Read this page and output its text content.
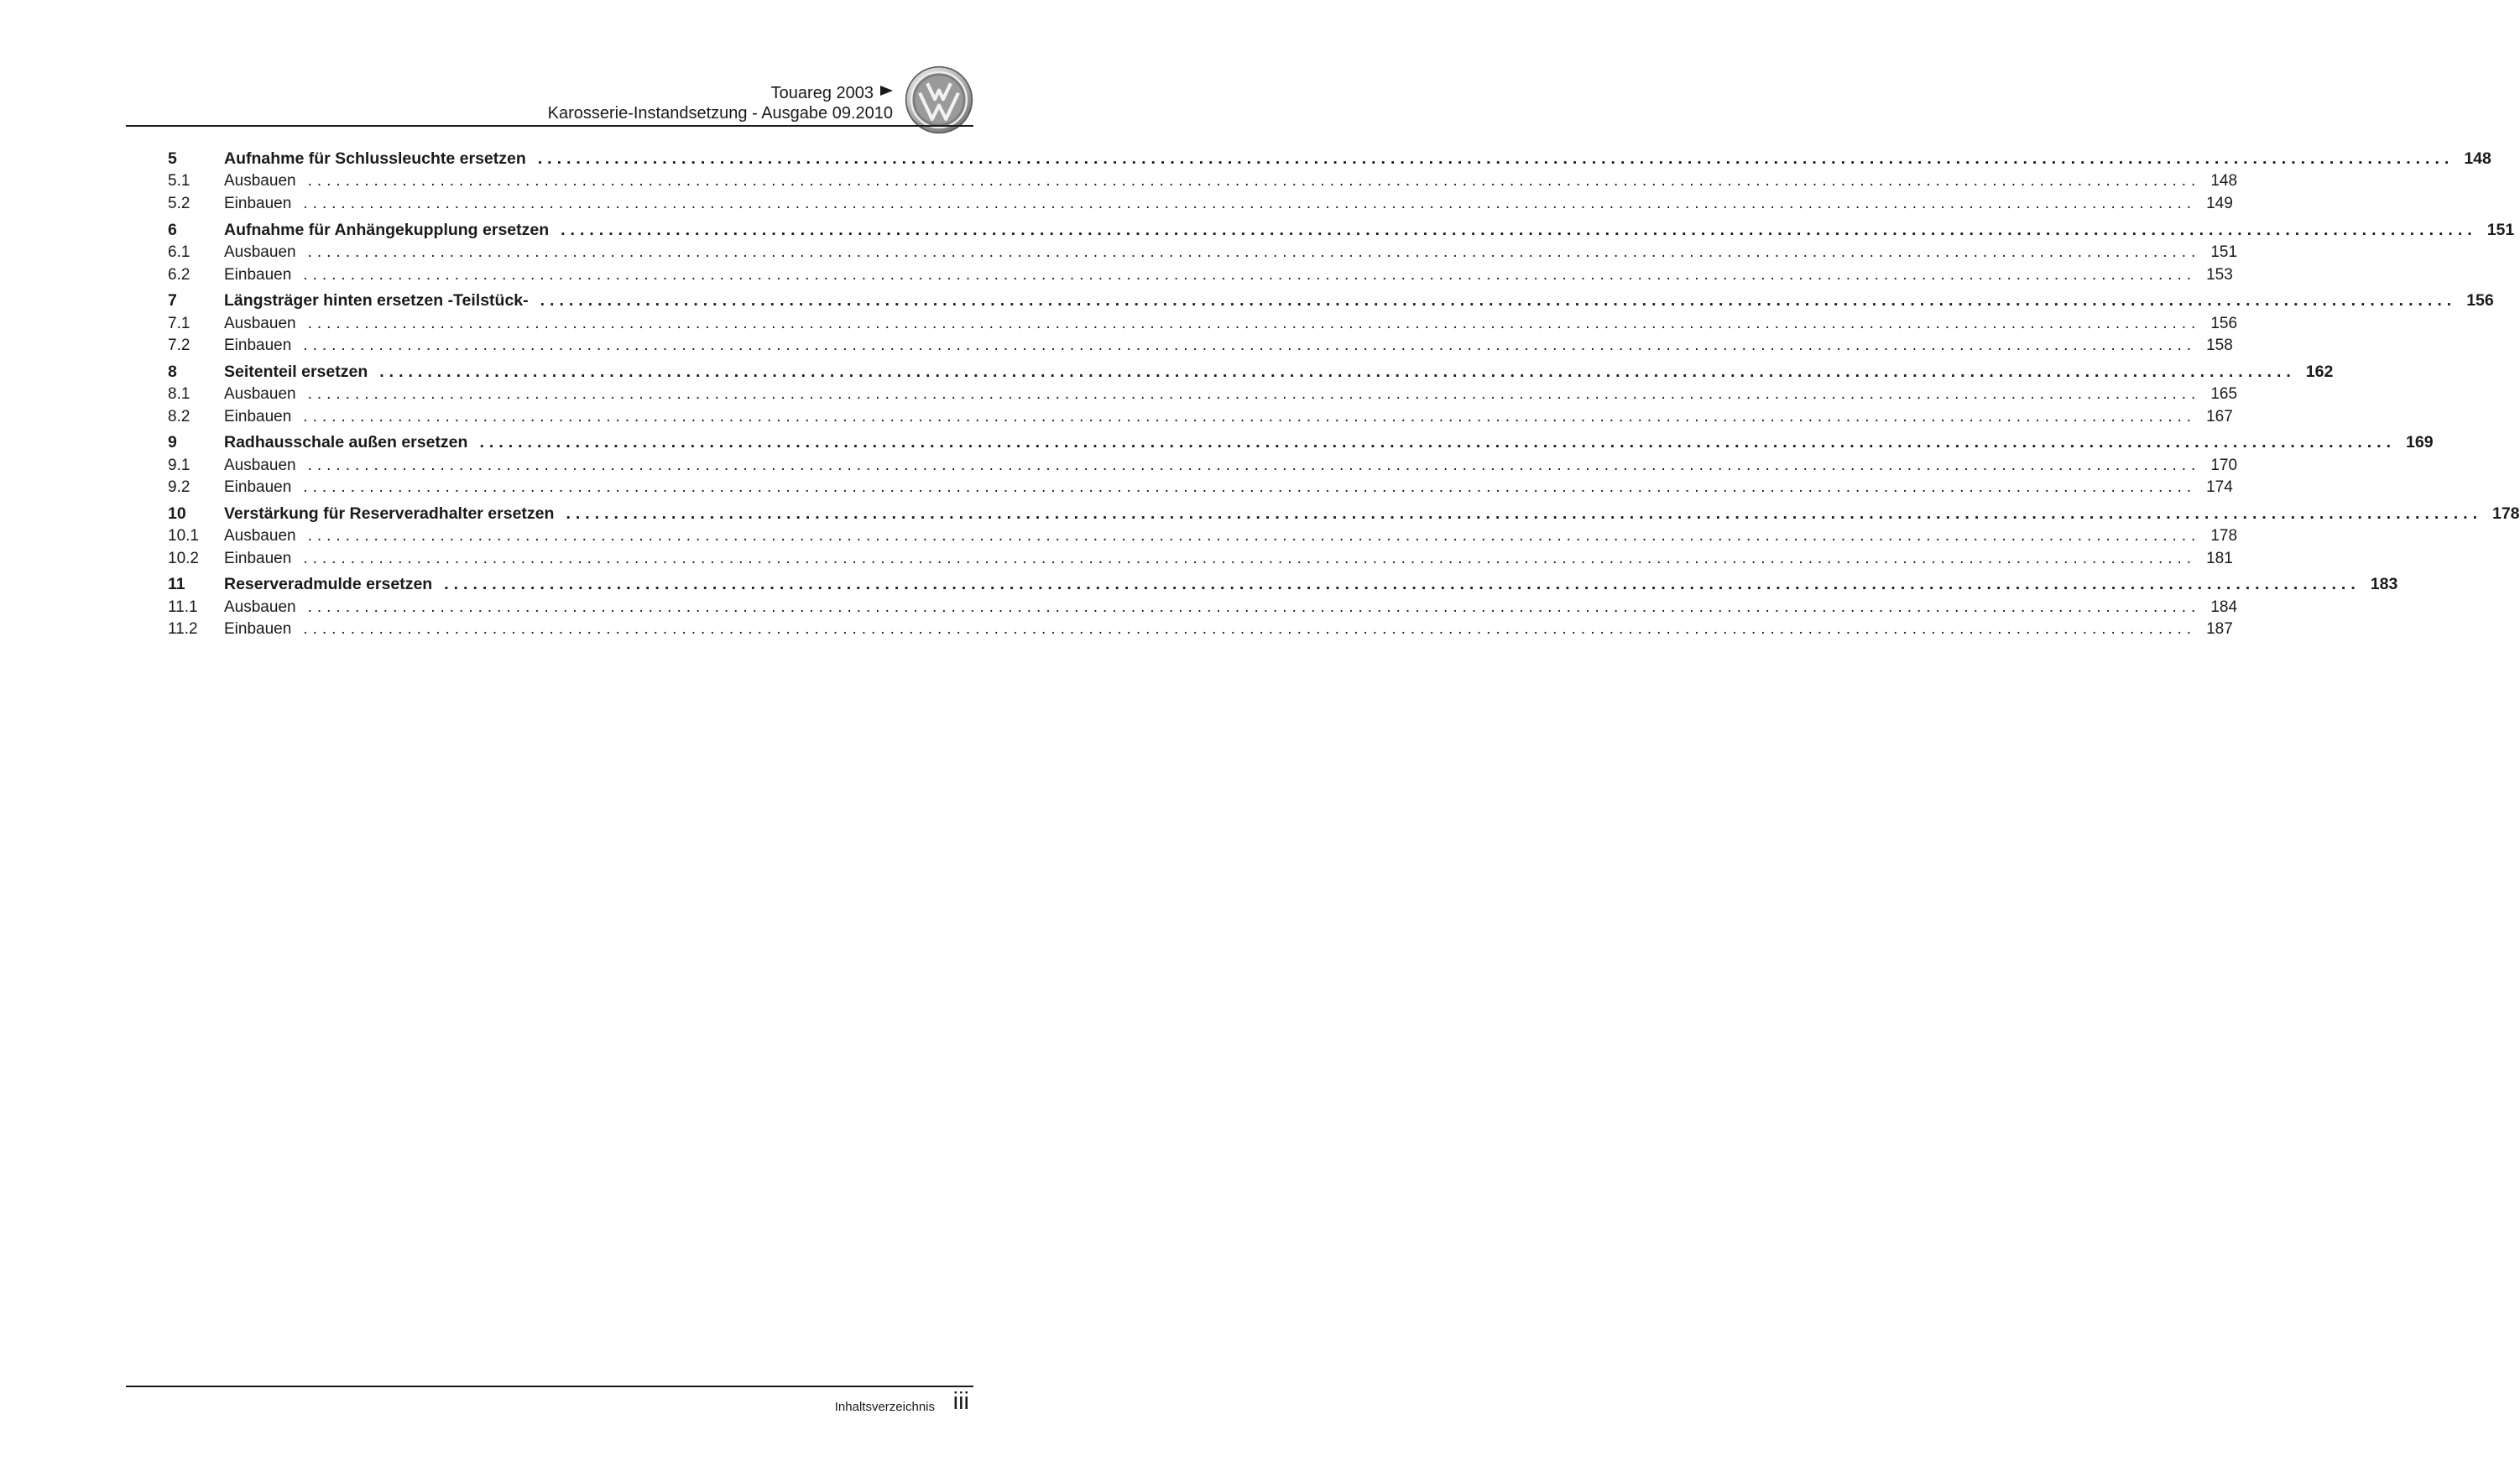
Touareg 2003
Karosserie-Instandsetzung - Ausgabe 09.2010
5	Aufnahme für Schlussleuchte ersetzen ........................................................................................................................................................................................................ 148
5.1	Ausbauen ........................................................................................................................................................................................................ 148
5.2	Einbauen ........................................................................................................................................................................................................ 149
6	Aufnahme für Anhängekupplung ersetzen ........................................................................................................................................................................................................ 151
6.1	Ausbauen ........................................................................................................................................................................................................ 151
6.2	Einbauen ........................................................................................................................................................................................................ 153
7	Längsträger hinten ersetzen -Teilstück- ........................................................................................................................................................................................................ 156
7.1	Ausbauen ........................................................................................................................................................................................................ 156
7.2	Einbauen ........................................................................................................................................................................................................ 158
8	Seitenteil ersetzen ........................................................................................................................................................................................................ 162
8.1	Ausbauen ........................................................................................................................................................................................................ 165
8.2	Einbauen ........................................................................................................................................................................................................ 167
9	Radhausschale außen ersetzen ........................................................................................................................................................................................................ 169
9.1	Ausbauen ........................................................................................................................................................................................................ 170
9.2	Einbauen ........................................................................................................................................................................................................ 174
10	Verstärkung für Reserveradhalter ersetzen ........................................................................................................................................................................................................ 178
10.1	Ausbauen ........................................................................................................................................................................................................ 178
10.2	Einbauen ........................................................................................................................................................................................................ 181
11	Reserveradmulde ersetzen ........................................................................................................................................................................................................ 183
11.1	Ausbauen ........................................................................................................................................................................................................ 184
11.2	Einbauen ........................................................................................................................................................................................................ 187
Inhaltsverzeichnis iii
